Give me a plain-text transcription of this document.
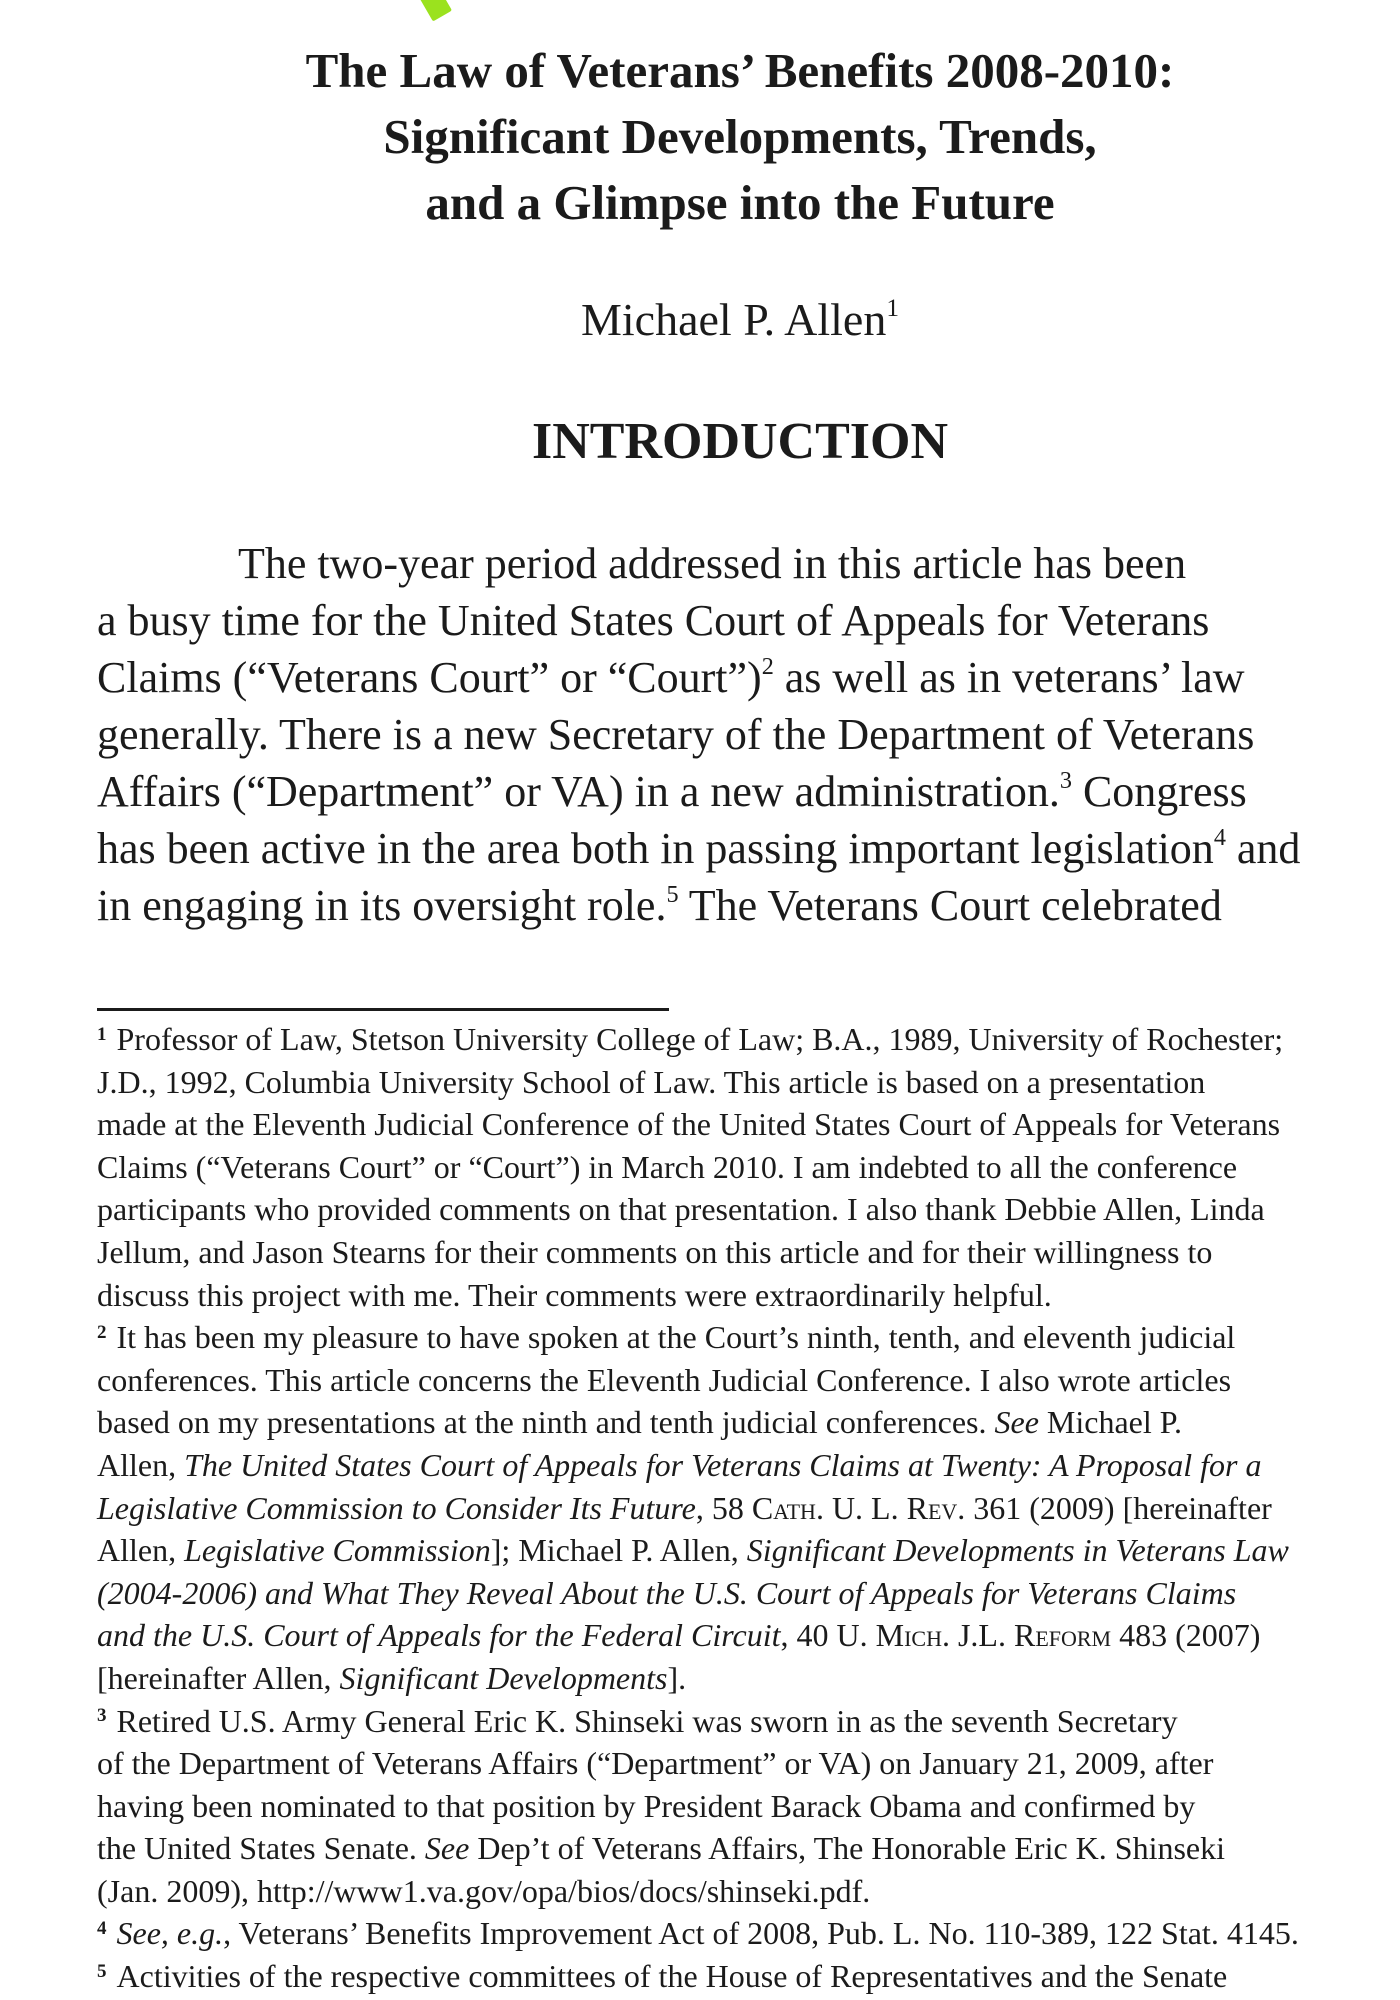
The Law of Veterans’ Benefits 2008-2010:
Significant Developments, Trends,
and a Glimpse into the Future
Michael P. Allen$^1$
INTRODUCTION
The two-year period addressed in this article has been
a busy time for the United States Court of Appeals for Veterans
Claims (“Veterans Court” or “Court”)$^2$ as well as in veterans’ law
generally. There is a new Secretary of the Department of Veterans
Affairs (“Department” or VA) in a new administration.$^3$ Congress
has been active in the area both in passing important legislation$^4$ and
in engaging in its oversight role.$^5$ The Veterans Court celebrated
$^1$ Professor of Law, Stetson University College of Law; B.A., 1989, University of Rochester;
J.D., 1992, Columbia University School of Law. This article is based on a presentation
made at the Eleventh Judicial Conference of the United States Court of Appeals for Veterans
Claims (“Veterans Court” or “Court”) in March 2010. I am indebted to all the conference
participants who provided comments on that presentation. I also thank Debbie Allen, Linda
Jellum, and Jason Stearns for their comments on this article and for their willingness to
discuss this project with me. Their comments were extraordinarily helpful.
$^2$ It has been my pleasure to have spoken at the Court’s ninth, tenth, and eleventh judicial
conferences. This article concerns the Eleventh Judicial Conference. I also wrote articles
based on my presentations at the ninth and tenth judicial conferences. See Michael P.
Allen, The United States Court of Appeals for Veterans Claims at Twenty: A Proposal for a
Legislative Commission to Consider Its Future, 58 Cath. U. L. Rev. 361 (2009) [hereinafter
Allen, Legislative Commission]; Michael P. Allen, Significant Developments in Veterans Law
(2004-2006) and What They Reveal About the U.S. Court of Appeals for Veterans Claims
and the U.S. Court of Appeals for the Federal Circuit, 40 U. Mich. J.L. Reform 483 (2007)
[hereinafter Allen, Significant Developments].
$^3$ Retired U.S. Army General Eric K. Shinseki was sworn in as the seventh Secretary
of the Department of Veterans Affairs (“Department” or VA) on January 21, 2009, after
having been nominated to that position by President Barack Obama and confirmed by
the United States Senate. See Dep’t of Veterans Affairs, The Honorable Eric K. Shinseki
(Jan. 2009), http://www1.va.gov/opa/bios/docs/shinseki.pdf.
$^4$ See, e.g., Veterans’ Benefits Improvement Act of 2008, Pub. L. No. 110-389, 122 Stat. 4145.
$^5$ Activities of the respective committees of the House of Representatives and the Senate
